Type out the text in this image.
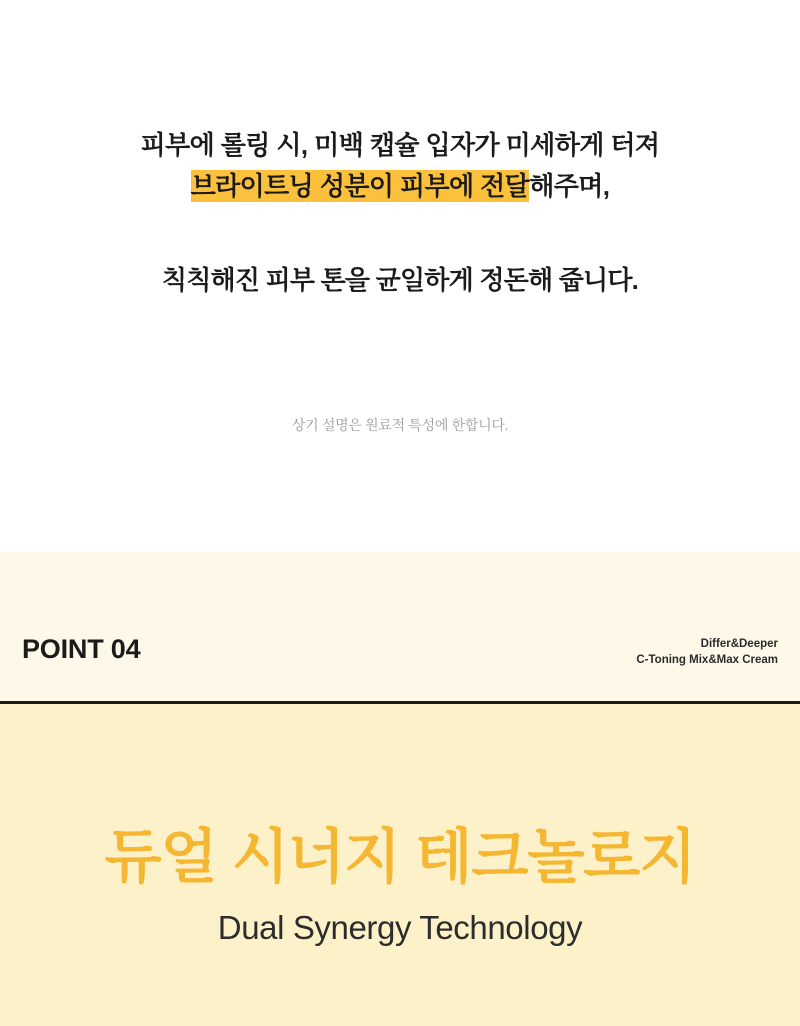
피부에 롤링 시, 미백 캡슐 입자가 미세하게 터져
브라이트닝 성분이 피부에 전달해주며,
칙칙해진 피부 톤을 균일하게 정돈해 줍니다.
상기 설명은 원료적 특성에 한합니다.
POINT 04	Differ&Deeper
C-Toning Mix&Max Cream
듀얼 시너지 테크놀로지
Dual Synergy Technology
